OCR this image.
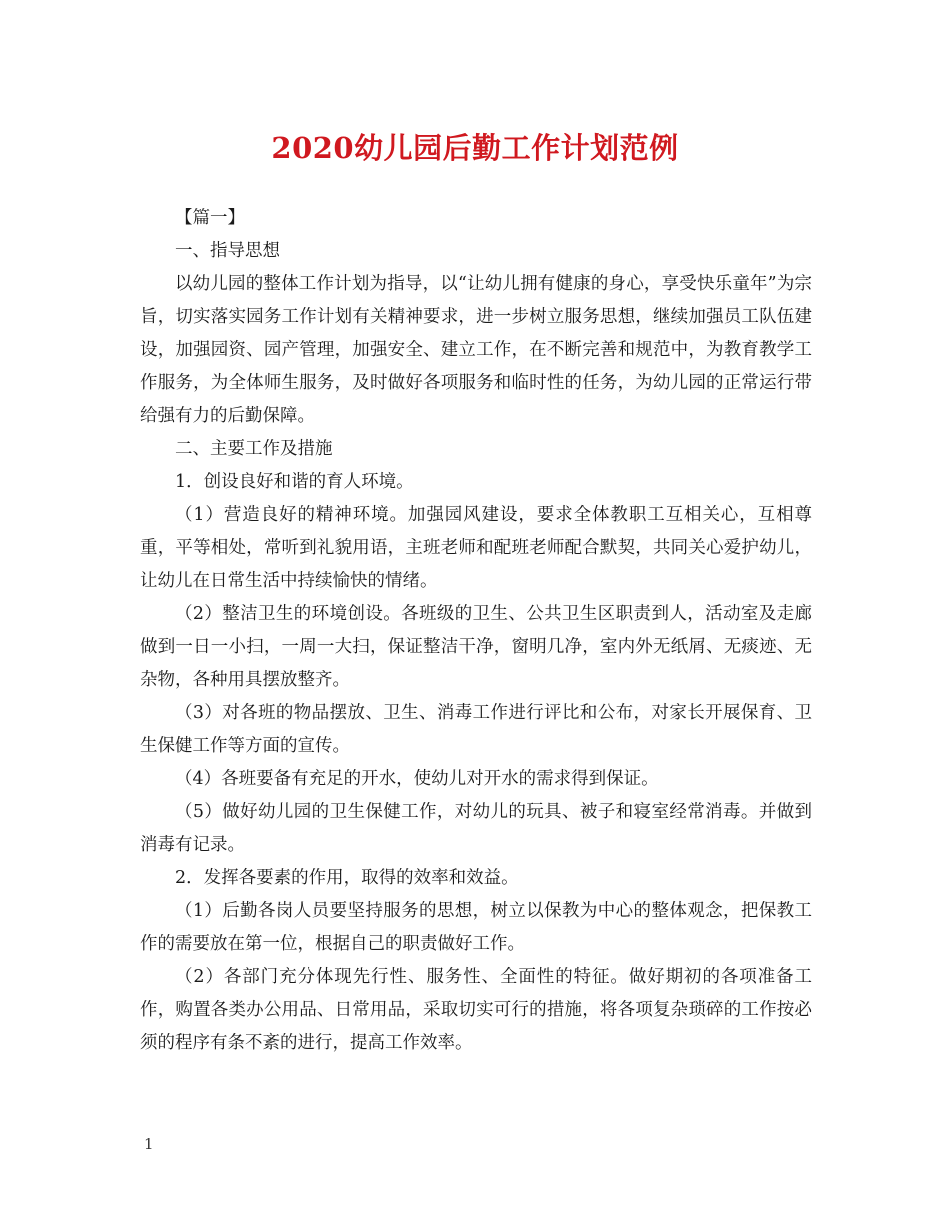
2020幼儿园后勤工作计划范例

【篇一】

一、指导思想

以幼儿园的整体工作计划为指导，以“让幼儿拥有健康的身心，享受快乐童年”为宗旨，切实落实园务工作计划有关精神要求，进一步树立服务思想，继续加强员工队伍建设，加强园资、园产管理，加强安全、建立工作，在不断完善和规范中，为教育教学工作服务，为全体师生服务，及时做好各项服务和临时性的任务，为幼儿园的正常运行带给强有力的后勤保障。

二、主要工作及措施

1．创设良好和谐的育人环境。

（1）营造良好的精神环境。加强园风建设，要求全体教职工互相关心，互相尊重，平等相处，常听到礼貌用语，主班老师和配班老师配合默契，共同关心爱护幼儿，让幼儿在日常生活中持续愉快的情绪。

（2）整洁卫生的环境创设。各班级的卫生、公共卫生区职责到人，活动室及走廊做到一日一小扫，一周一大扫，保证整洁干净，窗明几净，室内外无纸屑、无痰迹、无杂物，各种用具摆放整齐。

（3）对各班的物品摆放、卫生、消毒工作进行评比和公布，对家长开展保育、卫生保健工作等方面的宣传。

（4）各班要备有充足的开水，使幼儿对开水的需求得到保证。

（5）做好幼儿园的卫生保健工作，对幼儿的玩具、被子和寝室经常消毒。并做到消毒有记录。

2．发挥各要素的作用，取得的效率和效益。

（1）后勤各岗人员要坚持服务的思想，树立以保教为中心的整体观念，把保教工作的需要放在第一位，根据自己的职责做好工作。

（2）各部门充分体现先行性、服务性、全面性的特征。做好期初的各项准备工作，购置各类办公用品、日常用品，采取切实可行的措施，将各项复杂琐碎的工作按必须的程序有条不紊的进行，提高工作效率。

1
